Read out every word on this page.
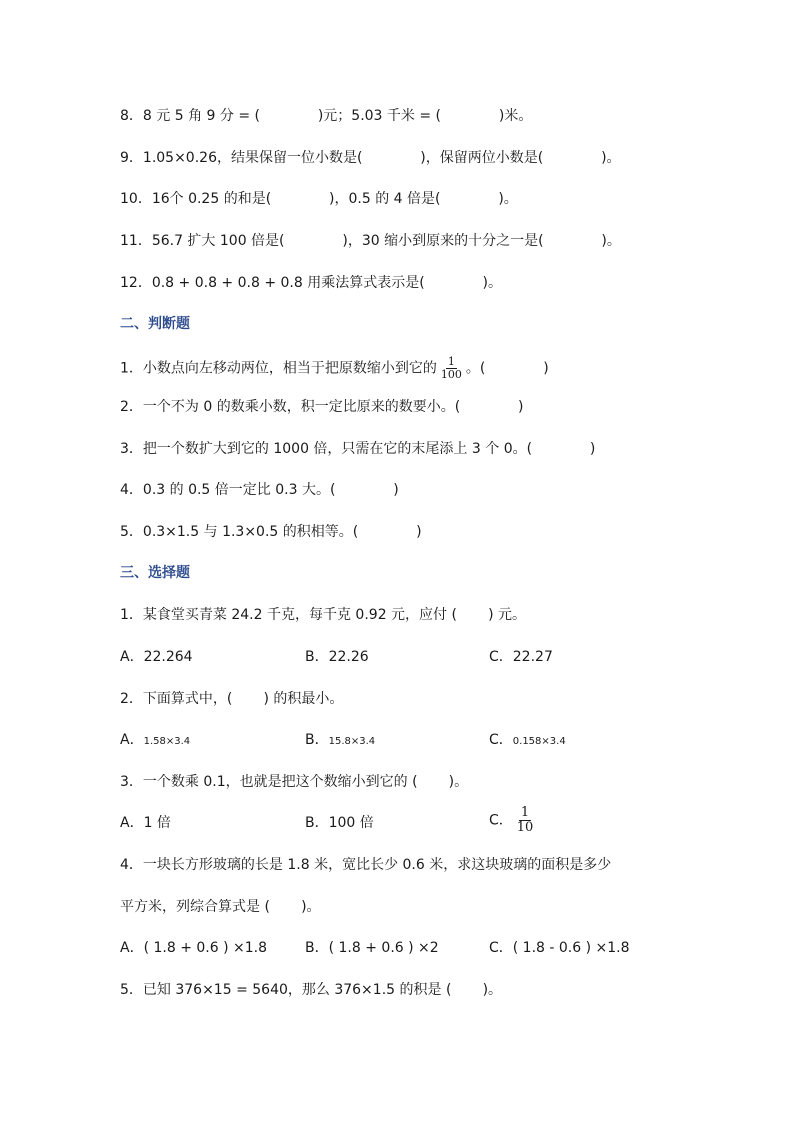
8．8 元 5 角 9 分 = (             )元；5.03 千米 = (             )米。
9．1.05×0.26，结果保留一位小数是(             )，保留两位小数是(             )。
10．16个 0.25 的和是(             )，0.5 的 4 倍是(             )。
11．56.7 扩大 100 倍是(             )，30 缩小到原来的十分之一是(             )。
12．0.8 + 0.8 + 0.8 + 0.8 用乘法算式表示是(             )。
二、判断题
1．小数点向左移动两位，相当于把原数缩小到它的 $\frac{1}{100}$ 。(             )
2．一个不为 0 的数乘小数，积一定比原来的数要小。(             )
3．把一个数扩大到它的 1000 倍，只需在它的末尾添上 3 个 0。(             )
4．0.3 的 0.5 倍一定比 0.3 大。(             )
5．0.3×1.5 与 1.3×0.5 的积相等。(             )
三、选择题
1．某食堂买青菜 24.2 千克，每千克 0.92 元，应付 (       ) 元。
A．22.264	B．22.26	C．22.27
2．下面算式中，(       ) 的积最小。
A．1.58×3.4	B．15.8×3.4	C．0.158×3.4
3．一个数乘 0.1，也就是把这个数缩小到它的 (       )。
A．1 倍	B．100 倍	C． $\frac{1}{10}$
4．一块长方形玻璃的长是 1.8 米，宽比长少 0.6 米，求这块玻璃的面积是多少
平方米，列综合算式是 (       )。
A．( 1.8 + 0.6 ) ×1.8	B．( 1.8 + 0.6 ) ×2	C．( 1.8 - 0.6 ) ×1.8
5．已知 376×15 = 5640，那么 376×1.5 的积是 (       )。
